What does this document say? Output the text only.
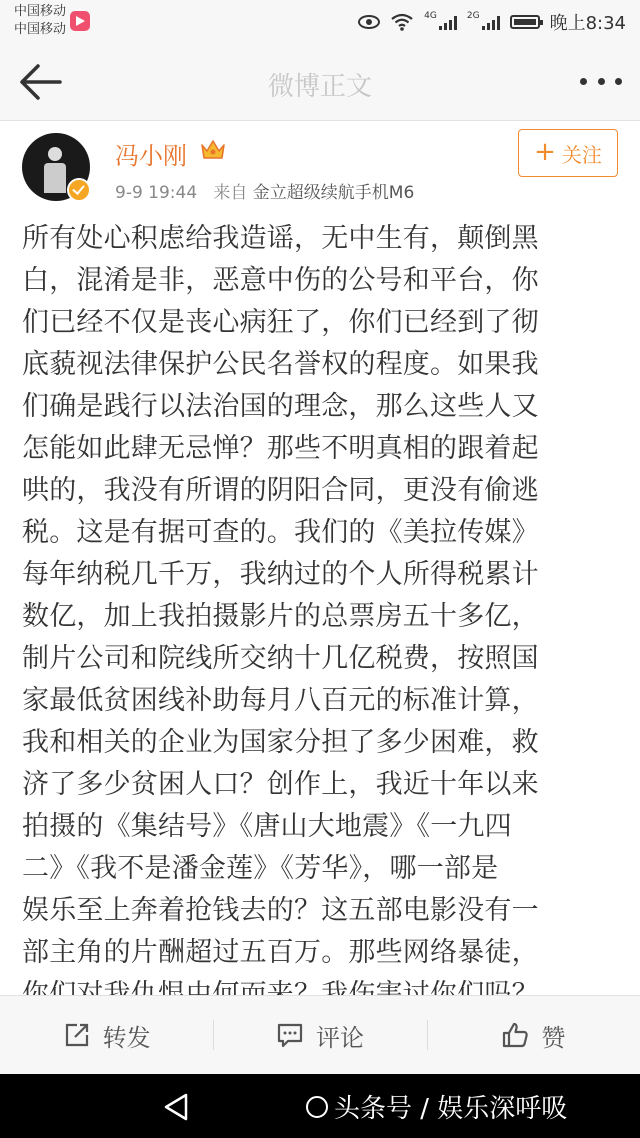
中国移动
中国移动
4G	2G	晚上8:34
微博正文
冯小刚
9-9 19:44 来自 金立超级续航手机M6
+ 关注
所有处心积虑给我造谣，无中生有，颠倒黑
白，混淆是非，恶意中伤的公号和平台，你
们已经不仅是丧心病狂了，你们已经到了彻
底藐视法律保护公民名誉权的程度。如果我
们确是践行以法治国的理念，那么这些人又
怎能如此肆无忌惮？那些不明真相的跟着起
哄的，我没有所谓的阴阳合同，更没有偷逃
税。这是有据可查的。我们的《美拉传媒》
每年纳税几千万，我纳过的个人所得税累计
数亿，加上我拍摄影片的总票房五十多亿，
制片公司和院线所交纳十几亿税费，按照国
家最低贫困线补助每月八百元的标准计算，
我和相关的企业为国家分担了多少困难，救
济了多少贫困人口？创作上，我近十年以来
拍摄的《集结号》《唐山大地震》《一九四
二》《我不是潘金莲》《芳华》，哪一部是
娱乐至上奔着抢钱去的？这五部电影没有一
部主角的片酬超过五百万。那些网络暴徒，
转发	评论	赞
头条号 / 娱乐深呼吸
